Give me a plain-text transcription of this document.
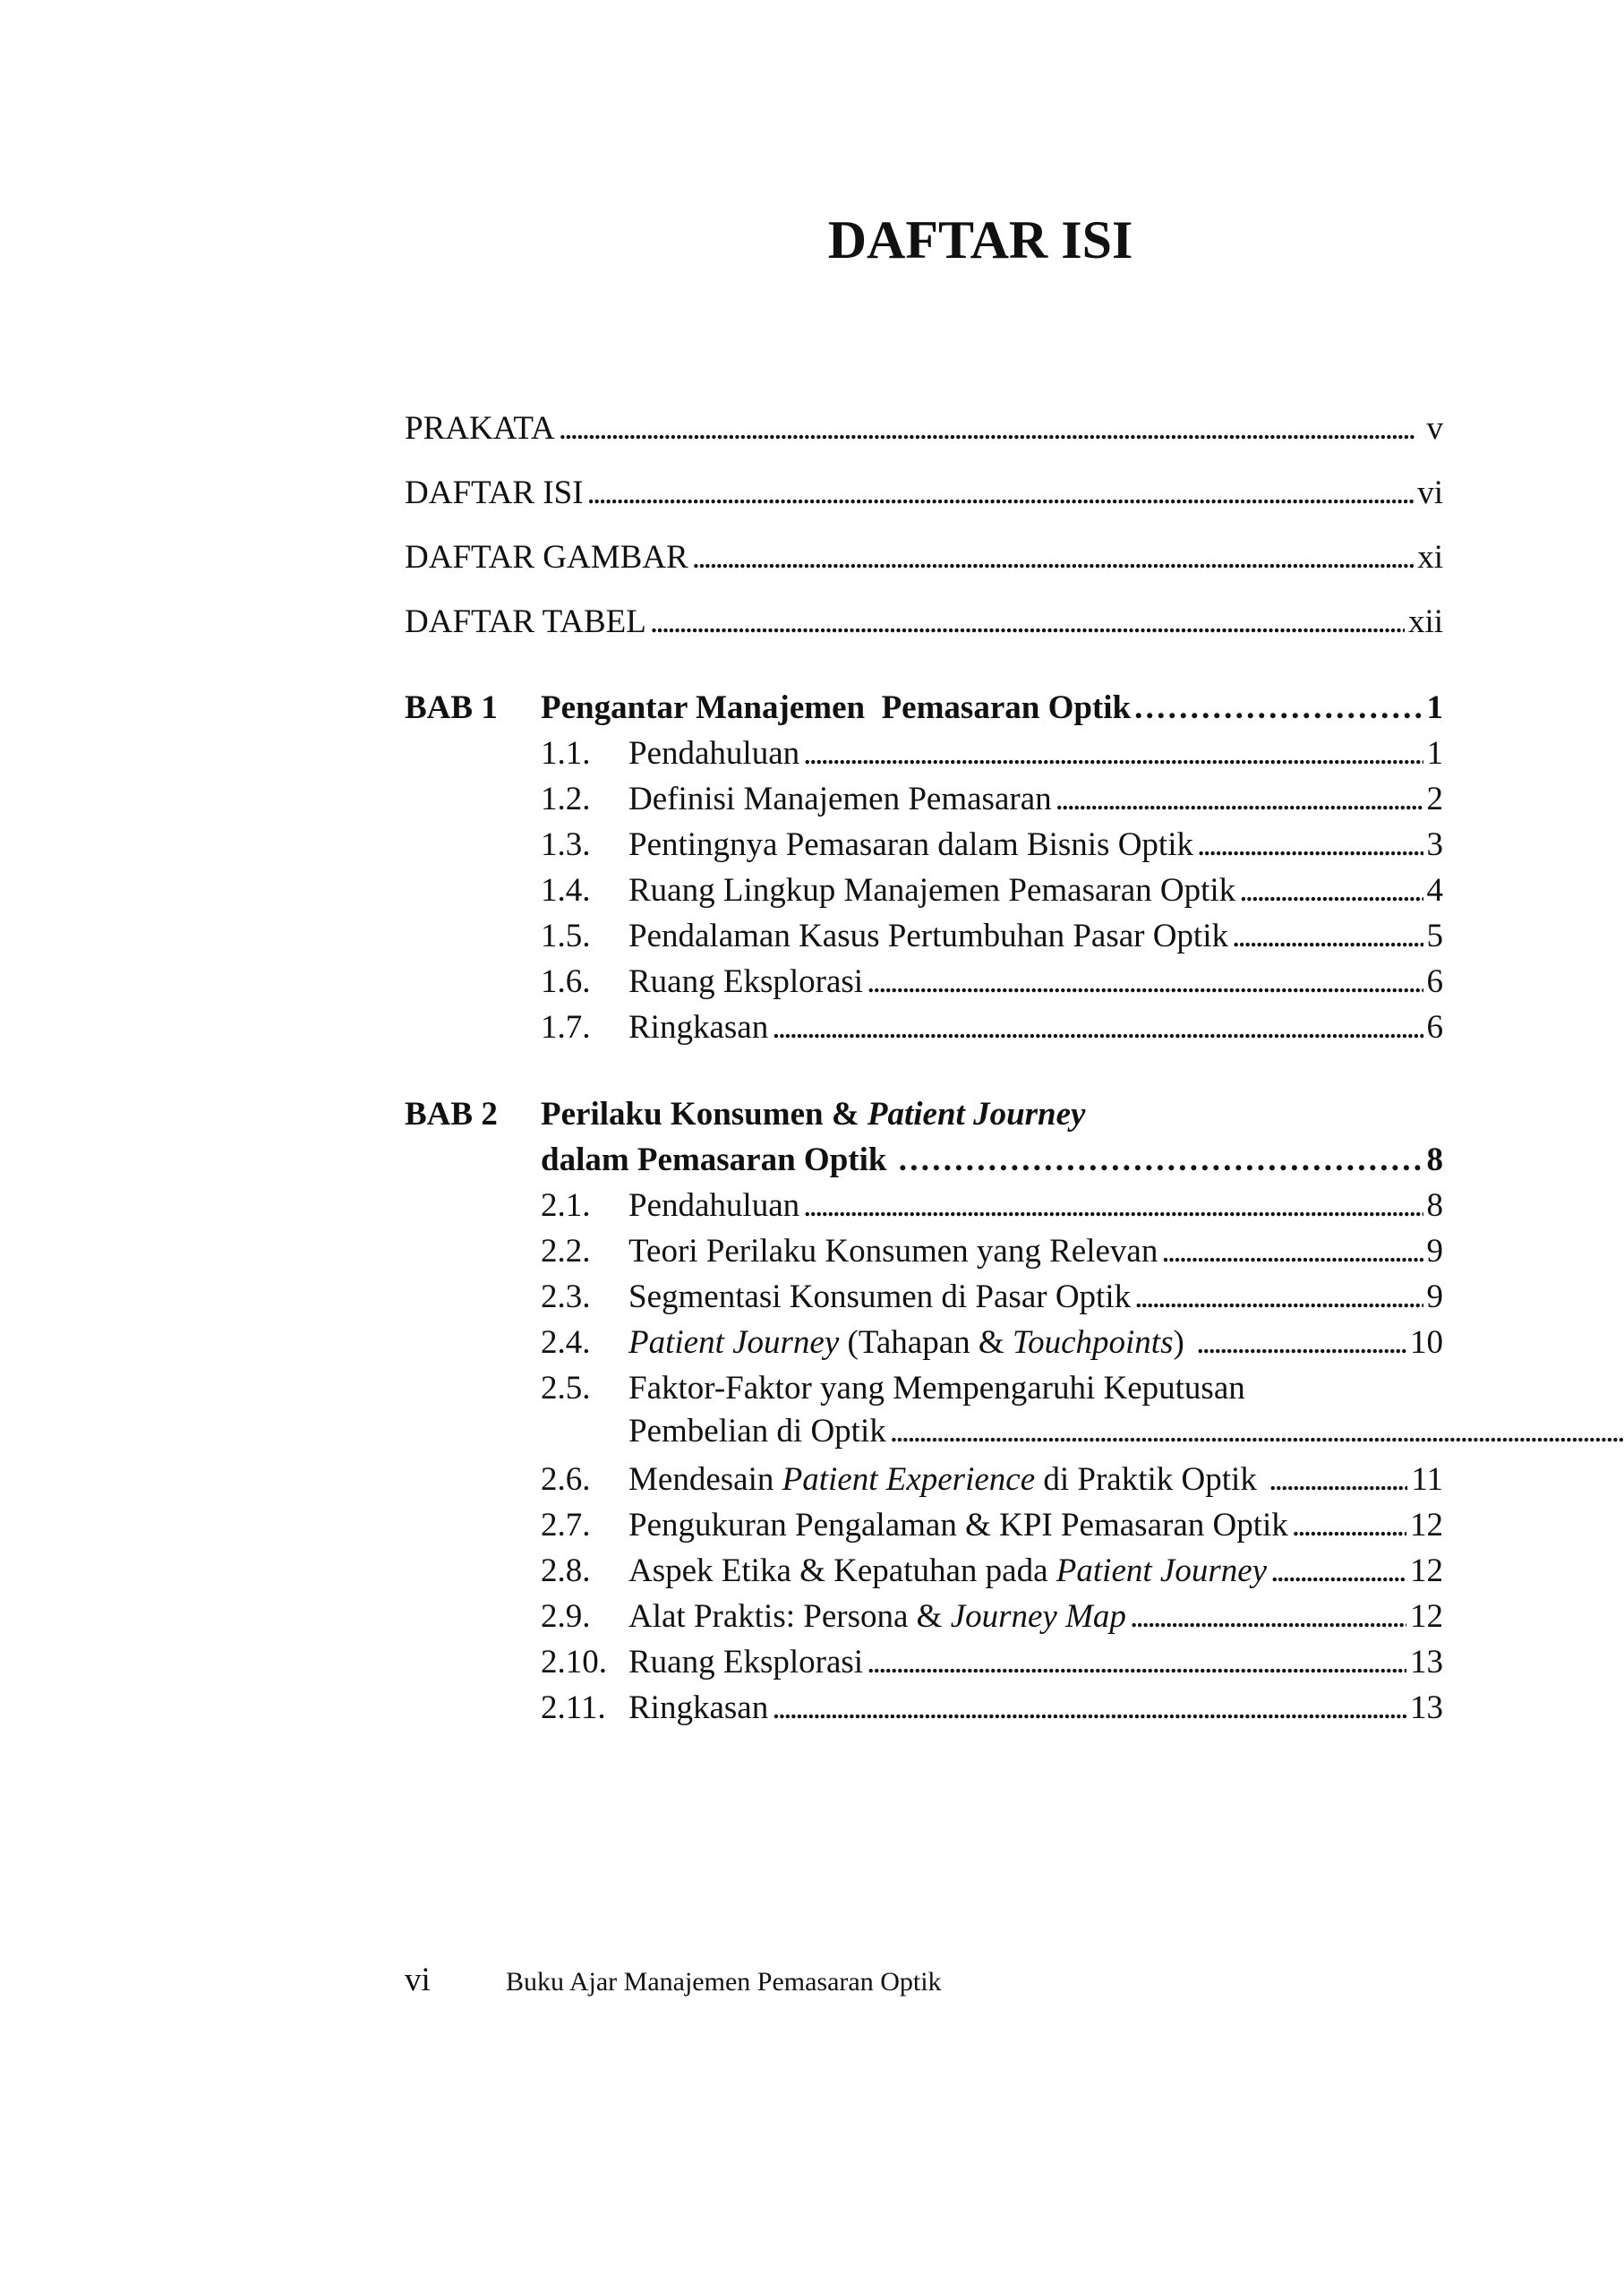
DAFTAR ISI
PRAKATA . . .	v
DAFTAR ISI . . .	vi
DAFTAR GAMBAR . . .	xi
DAFTAR TABEL . . .	xii
BAB 1	Pengantar Manajemen  Pemasaran Optik . . .	1
1.1.	Pendahuluan . . .	1
1.2.	Definisi Manajemen Pemasaran . . .	2
1.3.	Pentingnya Pemasaran dalam Bisnis Optik . . .	3
1.4.	Ruang Lingkup Manajemen Pemasaran Optik . . .	4
1.5.	Pendalaman Kasus Pertumbuhan Pasar Optik . . .	5
1.6.	Ruang Eksplorasi . . .	6
1.7.	Ringkasan . . .	6
BAB 2	Perilaku Konsumen & Patient Journey
dalam Pemasaran Optik . . .	8
2.1.	Pendahuluan . . .	8
2.2.	Teori Perilaku Konsumen yang Relevan . . .	9
2.3.	Segmentasi Konsumen di Pasar Optik . . .	9
2.4.	Patient Journey (Tahapan & Touchpoints) . . .	10
2.5.	Faktor-Faktor yang Mempengaruhi Keputusan
Pembelian di Optik
. . .
2.6.	Mendesain Patient Experience di Praktik Optik . . .	11
2.7.	Pengukuran Pengalaman & KPI Pemasaran Optik . . .	12
2.8.	Aspek Etika & Kepatuhan pada Patient Journey . . .	12
2.9.	Alat Praktis: Persona & Journey Map . . .	12
2.10. Ruang Eksplorasi . . .	13
2.11. Ringkasan . . .	13
vi	Buku Ajar Manajemen Pemasaran Optik
